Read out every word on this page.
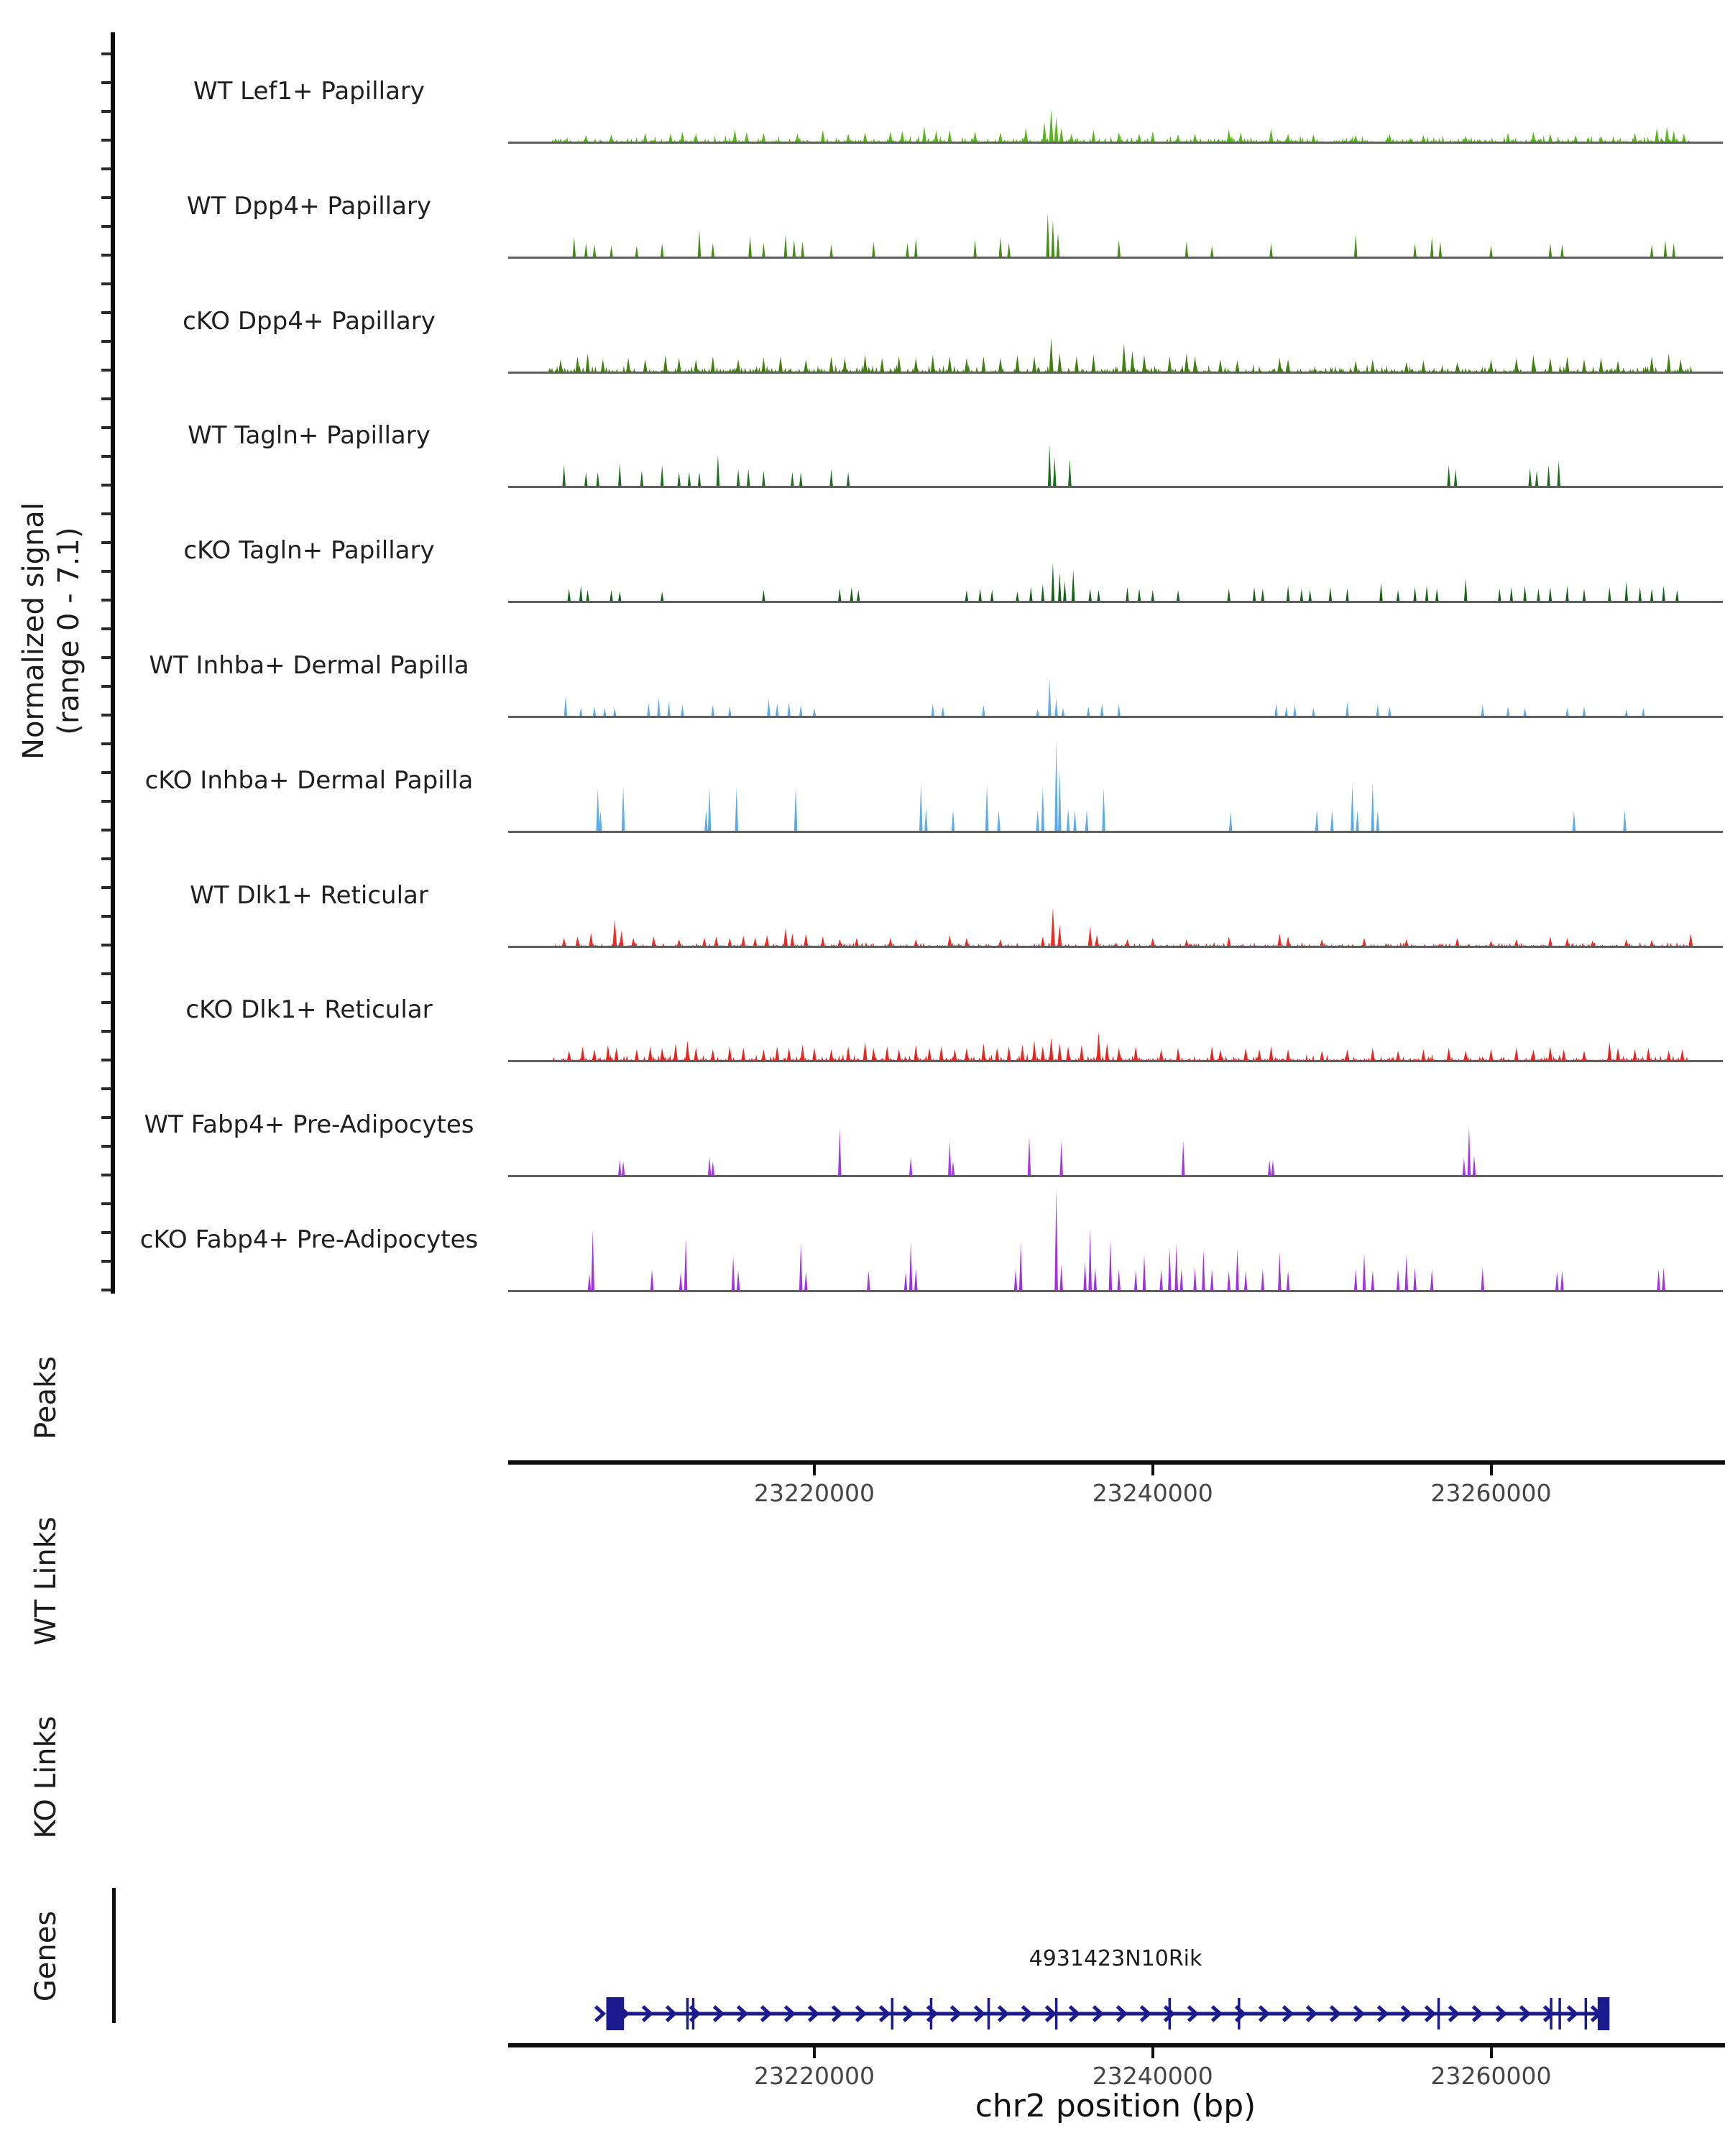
Normalized signal (range 0 - 7.1)
WT Lef1+ Papillary
WT Dpp4+ Papillary
cKO Dpp4+ Papillary
WT Tagln+ Papillary
cKO Tagln+ Papillary
WT Inhba+ Dermal Papilla
cKO Inhba+ Dermal Papilla
WT Dlk1+ Reticular
cKO Dlk1+ Reticular
WT Fabp4+ Pre-Adipocytes
cKO Fabp4+ Pre-Adipocytes
Peaks
WT Links
KO Links
Genes
23220000	23240000	23260000
4931423N10Rik
23220000	23240000	23260000
chr2 position (bp)
